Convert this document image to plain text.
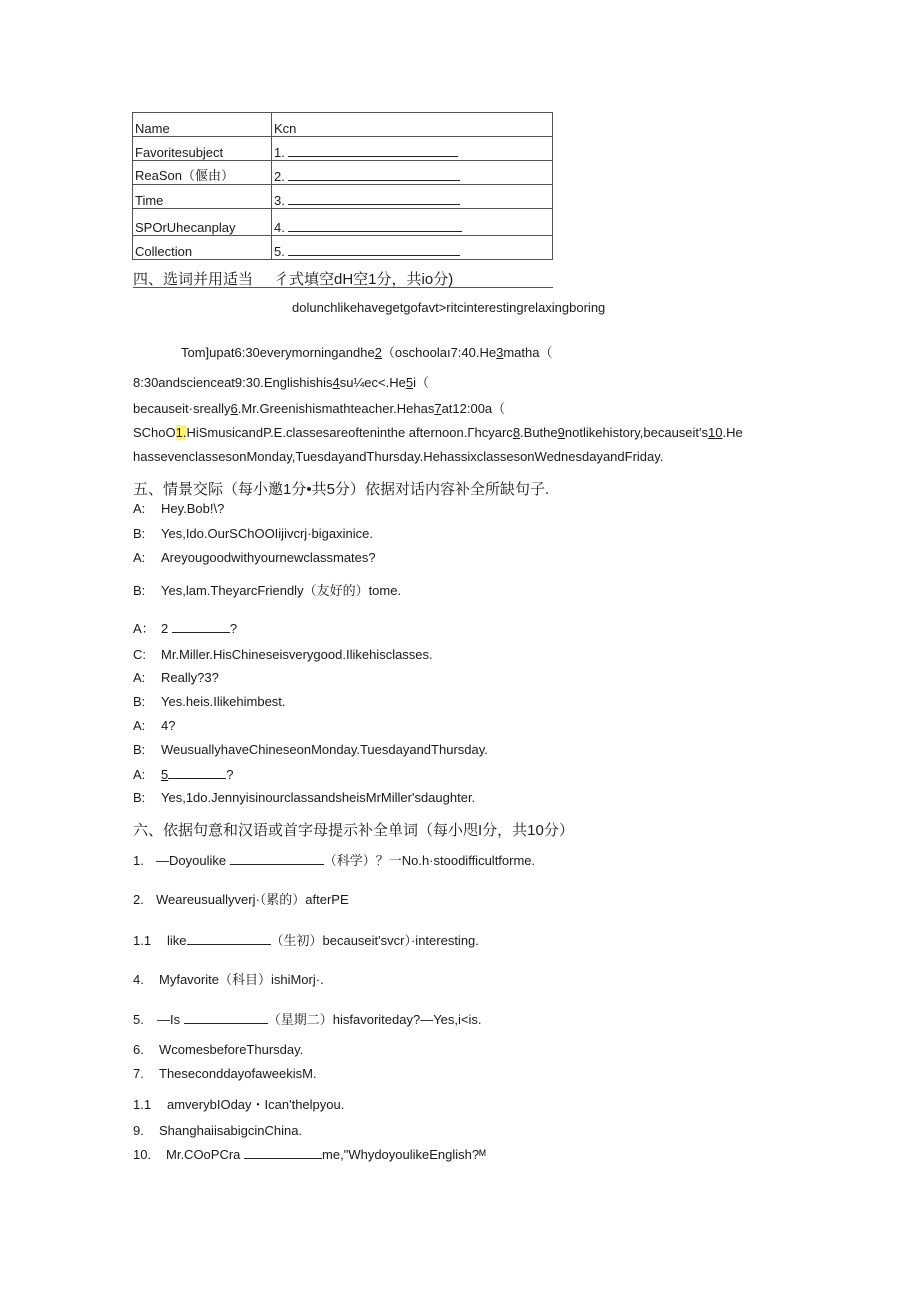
Name	Kcn
Favoritesubject	1.
ReaSon（偃由）	2.
Time	3.
SPOrUhecanplay	4.
Collection	5.
四、选词并用适当 彳式填空dH空1分，共io分)
dolunchlikehavegetgofavt>ritcinterestingrelaxingboring
Tom]upat6:30everymorningandhe2（oschoolaı7:40.He3matha（
8:30andscienceat9:30.Englishishis4su¼ec<.He5i（
becauseit·sreally6.Mr.Greenishismathteacher.Hehas7at12:00a（
SChoO1.HiSmusicandP.E.classesareofteninthe afternoon.Γhcyarc8.Buthe9notlikehistory,becauseit's10.He
hassevenclassesonMonday,TuesdayandThursday.HehassixclassesonWednesdayandFriday.
五、情景交际（每小邀1分•共5分）依据对话内容补全所缺句子.
A: Hey.Bob!\?
B: Yes,Ido.OurSChOOIijivcrj·bigaxinice.
A: Areyougoodwithyournewclassmates?
B: Yes,lam.TheyarcFriendly（友好的）tome.
A： 2	?
C: Mr.Miller.HisChineseisverygood.Ilikehisclasses.
A: Really?3?
B: Yes.heis.Ilikehimbest.
A: 4?
B: WeusuallyhaveChineseonMonday.TuesdayandThursday.
A: 5	?
B: Yes,1do.JennyisinourclassandsheisMrMiller'sdaughter.
六、依据句意和汉语或首字母提示补全单词（每小咫I分，共10分）
1. —Doyoulike	（科学）？一No.h·stoodifficultforme.
2. Weareusuallyverj·（累的）afterPE
1.1 like	（生初）becauseit'svcr）·interesting.
4. Myfavorite（科目）ishiMorj·.
5. —Is	（星期二）hisfavoriteday?—Yes,i<is.
6. WcomesbeforeThursday.
7. TheseconddayofaweekisM.
1.1 amverybIOday・Ican'thelpyou.
9. ShanghaiisabigcinChina.
10. Mr.COoPCra	me,"WhydoyoulikeEnglish?ᴹ
